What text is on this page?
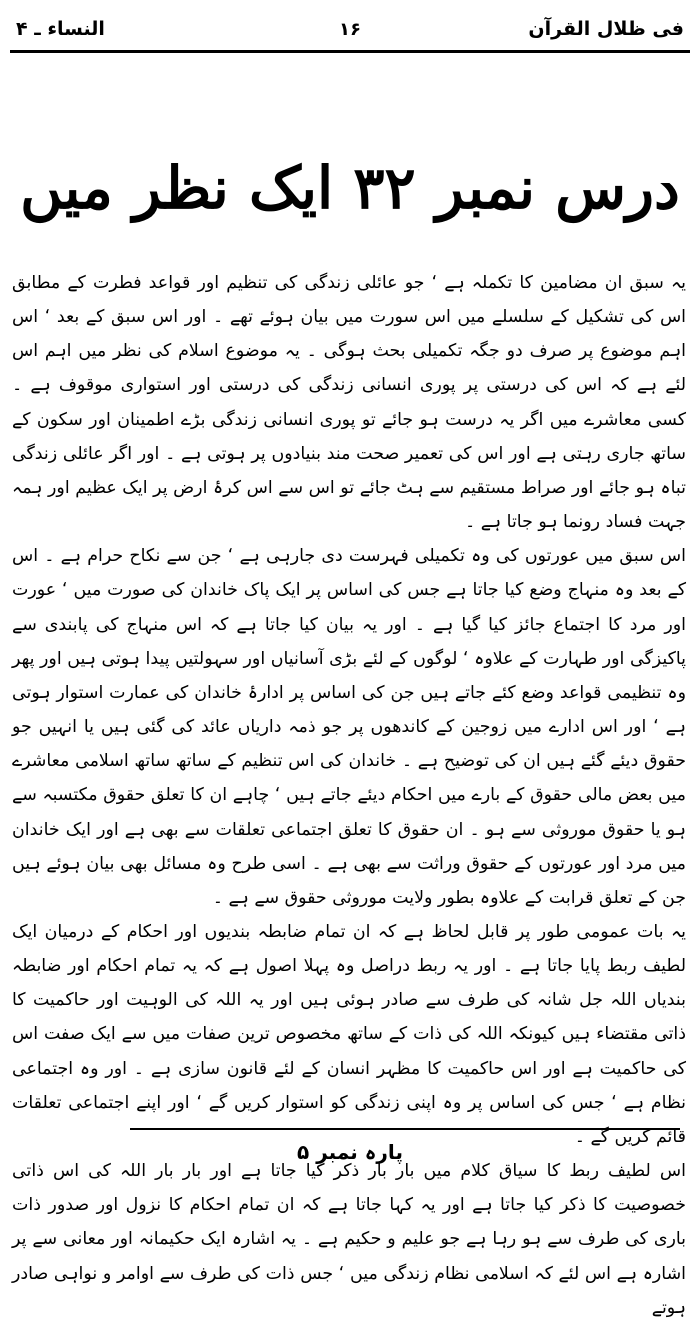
فی ظلال القرآن
۱۶
النساء ـ ۴
درس نمبر ۳۲ ایک نظر میں

یہ سبق ان مضامین کا تکملہ ہے ‘ جو عائلی زندگی کی تنظیم اور قواعد فطرت کے مطابق اس کی تشکیل کے سلسلے میں اس سورت میں بیان ہوئے تھے ۔ اور اس سبق کے بعد ‘ اس اہم موضوع پر صرف دو جگہ تکمیلی بحث ہوگی ۔ یہ موضوع اسلام کی نظر میں اہم اس لئے ہے کہ اس کی درستی پر پوری انسانی زندگی کی درستی اور استواری موقوف ہے ۔ کسی معاشرے میں اگر یہ درست ہو جائے تو پوری انسانی زندگی بڑے اطمینان اور سکون کے ساتھ جاری رہتی ہے اور اس کی تعمیر صحت مند بنیادوں پر ہوتی ہے ۔ اور اگر عائلی زندگی تباہ ہو جائے اور صراط مستقیم سے ہٹ جائے تو اس سے اس کرۂ ارض پر ایک عظیم اور ہمہ جہت فساد رونما ہو جاتا ہے ۔

اس سبق میں عورتوں کی وہ تکمیلی فہرست دی جارہی ہے ‘ جن سے نکاح حرام ہے ۔ اس کے بعد وہ منہاج وضع کیا جاتا ہے جس کی اساس پر ایک پاک خاندان کی صورت میں ‘ عورت اور مرد کا اجتماع جائز کیا گیا ہے ۔ اور یہ بیان کیا جاتا ہے کہ اس منہاج کی پابندی سے پاکیزگی اور طہارت کے علاوہ ‘ لوگوں کے لئے بڑی آسانیاں اور سہولتیں پیدا ہوتی ہیں اور پھر وہ تنظیمی قواعد وضع کئے جاتے ہیں جن کی اساس پر ادارۂ خاندان کی عمارت استوار ہوتی ہے ‘ اور اس ادارے میں زوجین کے کاندھوں پر جو ذمہ داریاں عائد کی گئی ہیں یا انہیں جو حقوق دیئے گئے ہیں ان کی توضیح ہے ۔ خاندان کی اس تنظیم کے ساتھ ساتھ اسلامی معاشرے میں بعض مالی حقوق کے بارے میں احکام دیئے جاتے ہیں ‘ چاہے ان کا تعلق حقوق مکتسبہ سے ہو یا حقوق موروثی سے ہو ۔ ان حقوق کا تعلق اجتماعی تعلقات سے بھی ہے اور ایک خاندان میں مرد اور عورتوں کے حقوق وراثت سے بھی ہے ۔ اسی طرح وہ مسائل بھی بیان ہوئے ہیں جن کے تعلق قرابت کے علاوہ بطور ولایت موروثی حقوق سے ہے ۔

یہ بات عمومی طور پر قابل لحاظ ہے کہ ان تمام ضابطہ بندیوں اور احکام کے درمیان ایک لطیف ربط پایا جاتا ہے ۔ اور یہ ربط دراصل وہ پہلا اصول ہے کہ یہ تمام احکام اور ضابطہ بندیاں اللہ جل شانہ کی طرف سے صادر ہوئی ہیں اور یہ اللہ کی الوہیت اور حاکمیت کا ذاتی مقتضاء ہیں کیونکہ اللہ کی ذات کے ساتھ مخصوص ترین صفات میں سے ایک صفت اس کی حاکمیت ہے اور اس حاکمیت کا مظہر انسان کے لئے قانون سازی ہے ۔ اور وہ اجتماعی نظام ہے ‘ جس کی اساس پر وہ اپنی زندگی کو استوار کریں گے ‘ اور اپنے اجتماعی تعلقات قائم کریں گے ۔

اس لطیف ربط کا سیاق کلام میں بار بار ذکر کیا جاتا ہے اور بار بار اللہ کی اس ذاتی خصوصیت کا ذکر کیا جاتا ہے اور یہ کہا جاتا ہے کہ ان تمام احکام کا نزول اور صدور ذات باری کی طرف سے ہو رہا ہے جو علیم و حکیم ہے ۔ یہ اشارہ ایک حکیمانہ اور معانی سے پر اشارہ ہے اس لئے کہ اسلامی نظام زندگی میں ‘ جس ذات کی طرف سے اوامر و نواہی صادر ہوتے

پارہ نمبر ۵
